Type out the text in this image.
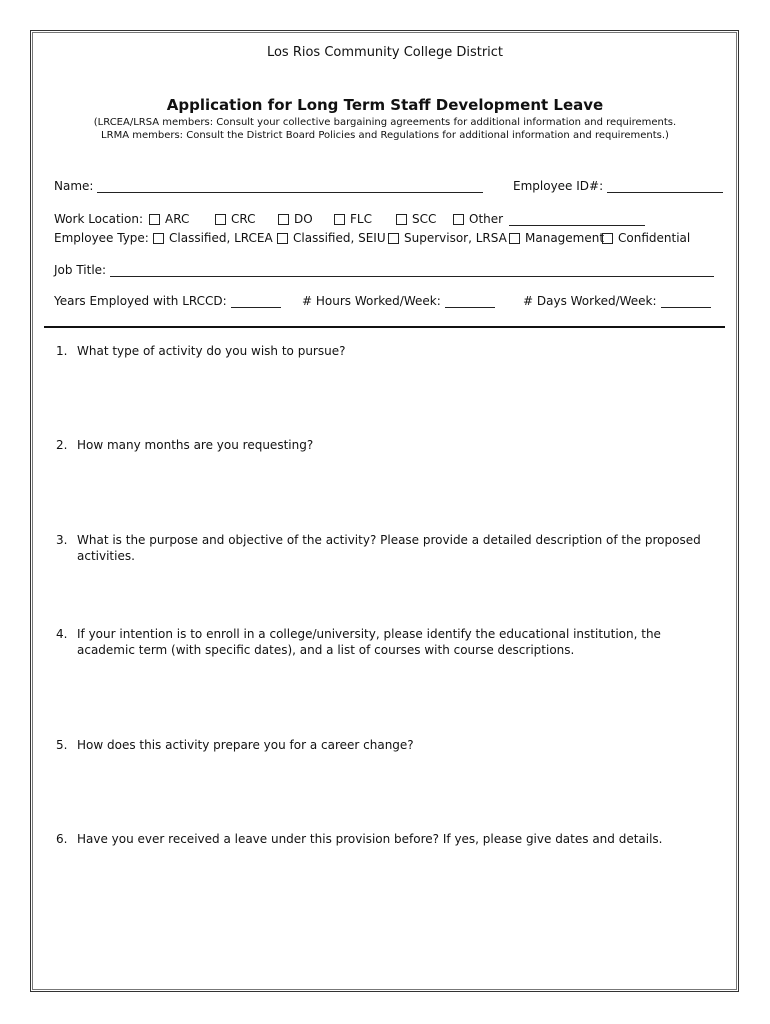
Los Rios Community College District
Application for Long Term Staff Development Leave
(LRCEA/LRSA members: Consult your collective bargaining agreements for additional information and requirements.
LRMA members: Consult the District Board Policies and Regulations for additional information and requirements.)
Name:	Employee ID#:
Work Location: ARC	CRC	DO	FLC	SCC	Other
Employee Type: Classified, LRCEA Classified, SEIU Supervisor, LRSA Management Confidential
Job Title:
Years Employed with LRCCD:	# Hours Worked/Week:	# Days Worked/Week:
1. What type of activity do you wish to pursue?
2. How many months are you requesting?
3. What is the purpose and objective of the activity? Please provide a detailed description of the proposed activities.
4. If your intention is to enroll in a college/university, please identify the educational institution, the academic term (with specific dates), and a list of courses with course descriptions.
5. How does this activity prepare you for a career change?
6. Have you ever received a leave under this provision before? If yes, please give dates and details.
